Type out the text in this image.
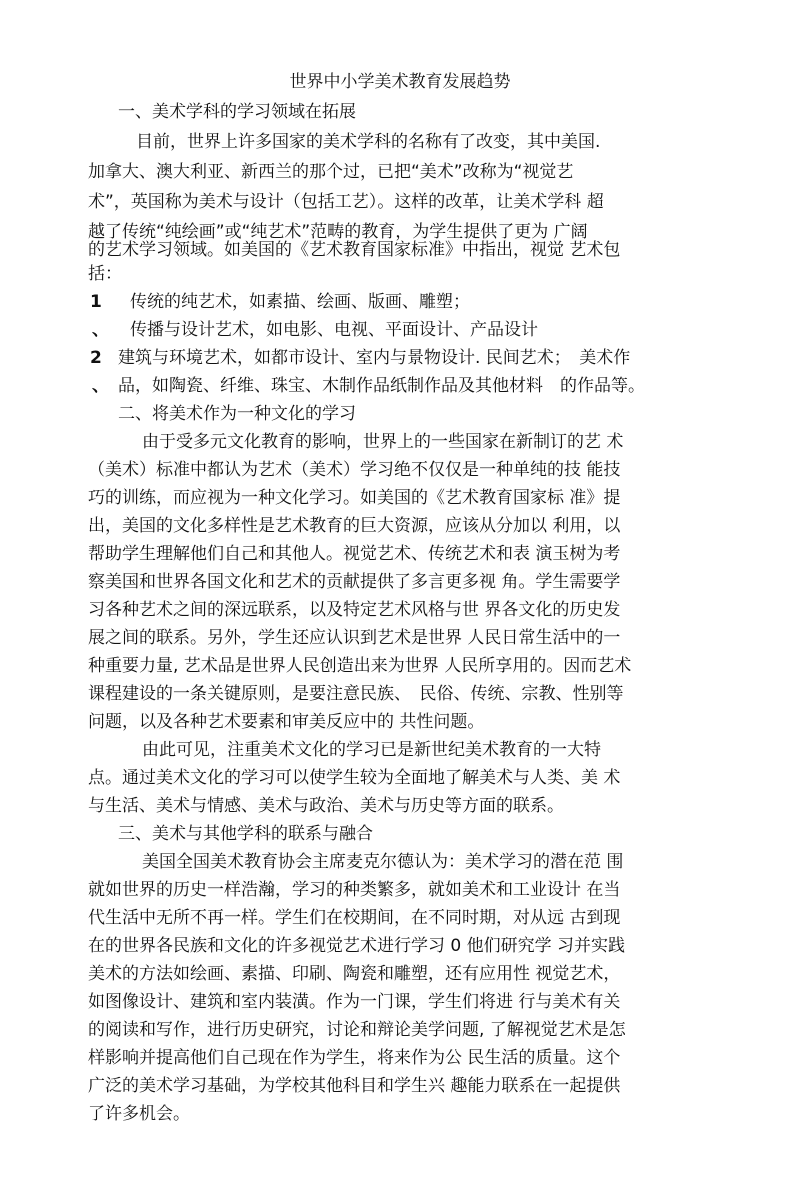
世界中小学美术教育发展趋势
一、美术学科的学习领域在拓展
目前，世界上许多国家的美术学科的名称有了改变，其中美国.
加拿大、澳大利亚、新西兰的那个过，已把“美术”改称为“视觉艺
术”，英国称为美术与设计（包括工艺）。这样的改革，让美术学科 超
越了传统“纯绘画”或“纯艺术”范畴的教育，为学生提供了更为 广阔
的艺术学习领域。如美国的《艺术教育国家标准》中指出，视觉 艺术包
括：
1 传统的纯艺术，如素描、绘画、版画、雕塑；
、 传播与设计艺术，如电影、电视、平面设计、产品设计
2 建筑与环境艺术，如都市设计、室内与景物设计. 民间艺术；　美术作
、 品，如陶瓷、纤维、珠宝、木制作品纸制作品及其他材料　的作品等。
二、将美术作为一种文化的学习
由于受多元文化教育的影响，世界上的一些国家在新制订的艺 术
（美术）标准中都认为艺术（美术）学习绝不仅仅是一种单纯的技 能技
巧的训练，而应视为一种文化学习。如美国的《艺术教育国家标 准》提
出，美国的文化多样性是艺术教育的巨大资源，应该从分加以 利用，以
帮助学生理解他们自己和其他人。视觉艺术、传统艺术和表 演玉树为考
察美国和世界各国文化和艺术的贡献提供了多言更多视 角。学生需要学
习各种艺术之间的深远联系，以及特定艺术风格与世 界各文化的历史发
展之间的联系。另外，学生还应认识到艺术是世界 人民日常生活中的一
种重要力量, 艺术品是世界人民创造出来为世界 人民所享用的。因而艺术
课程建设的一条关键原则，是要注意民族、　民俗、传统、宗教、性别等
问题，以及各种艺术要素和审美反应中的 共性问题。
由此可见，注重美术文化的学习已是新世纪美术教育的一大特
点。通过美术文化的学习可以使学生较为全面地了解美术与人类、美 术
与生活、美术与情感、美术与政治、美术与历史等方面的联系。
三、美术与其他学科的联系与融合
美国全国美术教育协会主席麦克尔德认为：美术学习的潜在范 围
就如世界的历史一样浩瀚，学习的种类繁多，就如美术和工业设计 在当
代生活中无所不再一样。学生们在校期间，在不同时期，对从远 古到现
在的世界各民族和文化的许多视觉艺术进行学习 0 他们研究学 习并实践
美术的方法如绘画、素描、印刷、陶瓷和雕塑，还有应用性 视觉艺术，
如图像设计、建筑和室内装潢。作为一门课，学生们将进 行与美术有关
的阅读和写作，进行历史研究，讨论和辩论美学问题, 了解视觉艺术是怎
样影响并提高他们自己现在作为学生，将来作为公 民生活的质量。这个
广泛的美术学习基础，为学校其他科目和学生兴 趣能力联系在一起提供
了许多机会。
